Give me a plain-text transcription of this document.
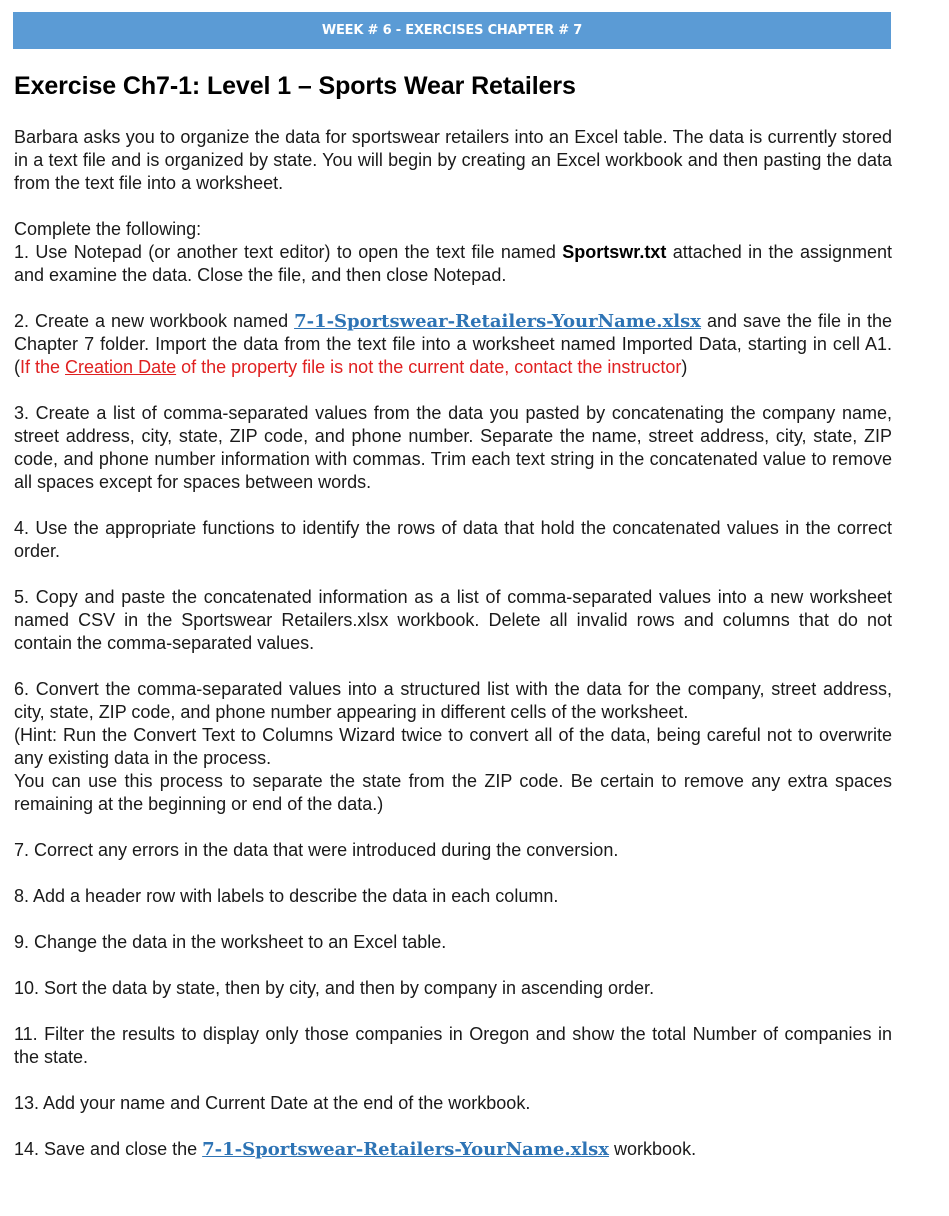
WEEK # 6 - EXERCISES CHAPTER # 7
Exercise Ch7-1: Level 1 – Sports Wear Retailers

Barbara asks you to organize the data for sportswear retailers into an Excel table. The data is currently stored in a text file and is organized by state. You will begin by creating an Excel workbook and then pasting the data from the text file into a worksheet.

Complete the following:

1. Use Notepad (or another text editor) to open the text file named Sportswr.txt attached in the assignment and examine the data. Close the file, and then close Notepad.

2. Create a new workbook named 7-1-Sportswear-Retailers-YourName.xlsx and save the file in the Chapter 7 folder. Import the data from the text file into a worksheet named Imported Data, starting in cell A1. (If the Creation Date of the property file is not the current date, contact the instructor)

3. Create a list of comma-separated values from the data you pasted by concatenating the company name, street address, city, state, ZIP code, and phone number. Separate the name, street address, city, state, ZIP code, and phone number information with commas. Trim each text string in the concatenated value to remove all spaces except for spaces between words.

4. Use the appropriate functions to identify the rows of data that hold the concatenated values in the correct order.

5. Copy and paste the concatenated information as a list of comma-separated values into a new worksheet named CSV in the Sportswear Retailers.xlsx workbook. Delete all invalid rows and columns that do not contain the comma-separated values.

6. Convert the comma-separated values into a structured list with the data for the company, street address, city, state, ZIP code, and phone number appearing in different cells of the worksheet.

(Hint: Run the Convert Text to Columns Wizard twice to convert all of the data, being careful not to overwrite any existing data in the process.

You can use this process to separate the state from the ZIP code. Be certain to remove any extra spaces remaining at the beginning or end of the data.)

7. Correct any errors in the data that were introduced during the conversion.

8. Add a header row with labels to describe the data in each column.

9. Change the data in the worksheet to an Excel table.

10. Sort the data by state, then by city, and then by company in ascending order.

11. Filter the results to display only those companies in Oregon and show the total Number of companies in the state.

13. Add your name and Current Date at the end of the workbook.

14. Save and close the 7-1-Sportswear-Retailers-YourName.xlsx workbook.
